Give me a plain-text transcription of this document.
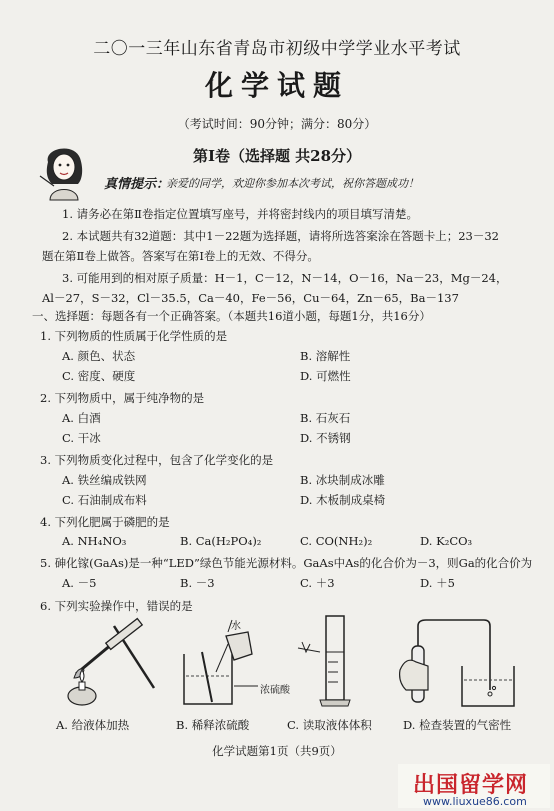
二〇一三年山东省青岛市初级中学学业水平考试
化学试题
（考试时间：90分钟；满分：80分）
第Ⅰ卷（选择题 共28分）
真情提示：
亲爱的同学，欢迎你参加本次考试，祝你答题成功！
1. 请务必在第Ⅱ卷指定位置填写座号，并将密封线内的项目填写清楚。
2. 本试题共有32道题：其中1－22题为选择题，请将所选答案涂在答题卡上；23－32
题在第Ⅱ卷上做答。答案写在第Ⅰ卷上的无效、不得分。
3. 可能用到的相对原子质量：H－1，C－12，N－14，O－16，Na－23，Mg－24，
Al－27，S－32，Cl－35.5，Ca－40，Fe－56，Cu－64，Zn－65，Ba－137
一、选择题：每题各有一个正确答案。（本题共16道小题，每题1分，共16分）
1. 下列物质的性质属于化学性质的是
A. 颜色、状态	B. 溶解性
C. 密度、硬度	D. 可燃性
2. 下列物质中，属于纯净物的是
A. 白酒	B. 石灰石
C. 干冰	D. 不锈钢
3. 下列物质变化过程中，包含了化学变化的是
A. 铁丝编成铁网	B. 冰块制成冰雕
C. 石油制成布料	D. 木板制成桌椅
4. 下列化肥属于磷肥的是
A. NH₄NO₃	B. Ca(H₂PO₄)₂	C. CO(NH₂)₂	D. K₂CO₃
5. 砷化镓(GaAs)是一种“LED”绿色节能光源材料。GaAs中As的化合价为－3，则Ga的化合价为
A. －5	B. －3	C. ＋3	D. ＋5
6. 下列实验操作中，错误的是
水
浓硫酸
A. 给液体加热	B. 稀释浓硫酸	C. 读取液体体积	D. 检查装置的气密性
化学试题第1页（共9页）
出国留学网
www.liuxue86.com
